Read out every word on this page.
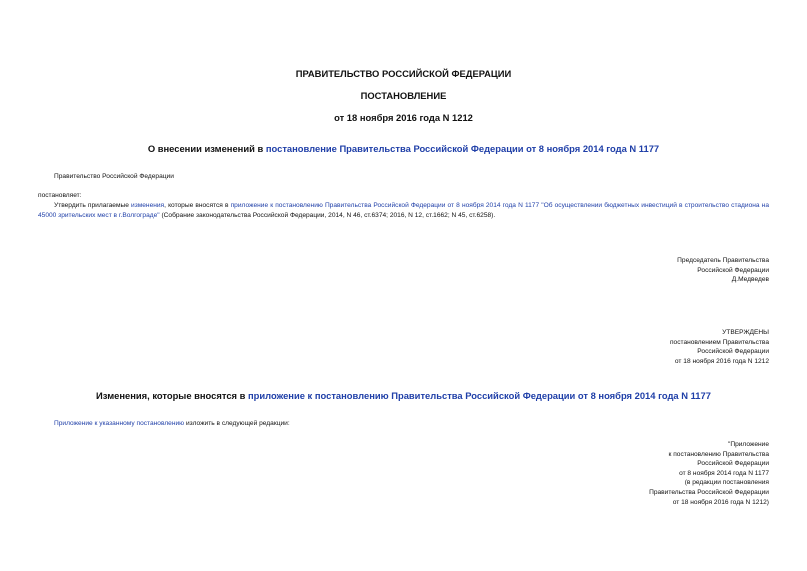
ПРАВИТЕЛЬСТВО РОССИЙСКОЙ ФЕДЕРАЦИИ
ПОСТАНОВЛЕНИЕ
от 18 ноября 2016 года N 1212
О внесении изменений в постановление Правительства Российской Федерации от 8 ноября 2014 года N 1177
Правительство Российской Федерации
постановляет:
Утвердить прилагаемые изменения, которые вносятся в приложение к постановлению Правительства Российской Федерации от 8 ноября 2014 года N 1177 "Об осуществлении бюджетных инвестиций в строительство стадиона на 45000 зрительских мест в г.Волгограде" (Собрание законодательства Российской Федерации, 2014, N 46, ст.6374; 2016, N 12, ст.1662; N 45, ст.6258).
Председатель Правительства
Российской Федерации
Д.Медведев
УТВЕРЖДЕНЫ
постановлением Правительства
Российской Федерации
от 18 ноября 2016 года N 1212
Изменения, которые вносятся в приложение к постановлению Правительства Российской Федерации от 8 ноября 2014 года N 1177
Приложение к указанному постановлению изложить в следующей редакции:
"Приложение
к постановлению Правительства
Российской Федерации
от 8 ноября 2014 года N 1177
(в редакции постановления
Правительства Российской Федерации
от 18 ноября 2016 года N 1212)
